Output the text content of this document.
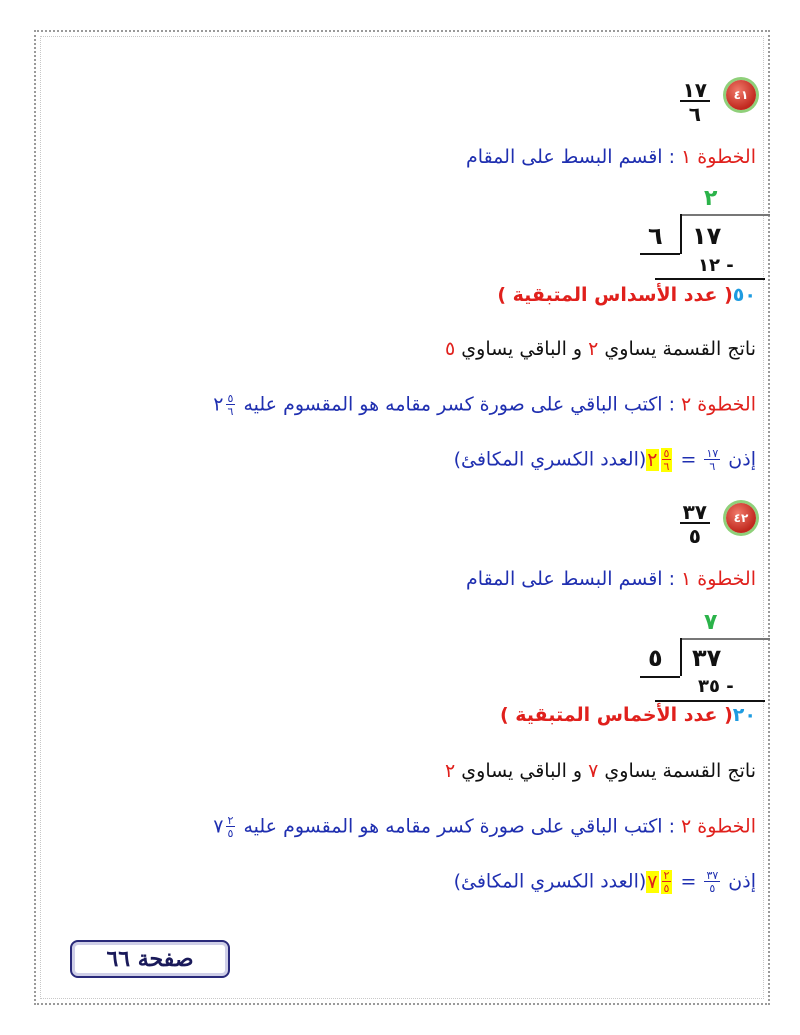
٤١
١٧
٦
الخطوة ١ : اقسم البسط على المقام
٢
١٧
٦
١٢ -
٥٠( عدد الأسداس المتبقية )
ناتج القسمة يساوي ٢ و الباقي يساوي ٥
الخطوة ٢ : اكتب الباقي على صورة كسر مقامه هو المقسوم عليه
$\frac{٥}{٦}$
٢
إذن
$\frac{١٧}{٦}$
=
$\frac{٥}{٦}$
٢(العدد الكسري المكافئ)
٤٢
٣٧
٥
الخطوة ١ : اقسم البسط على المقام
٧
٣٧
٥
٣٥ -
٢٠( عدد الأخماس المتبقية )
ناتج القسمة يساوي ٧ و الباقي يساوي ٢
الخطوة ٢ : اكتب الباقي على صورة كسر مقامه هو المقسوم عليه
$\frac{٢}{٥}$
٧
إذن
$\frac{٣٧}{٥}$
=
$\frac{٢}{٥}$
٧(العدد الكسري المكافئ)
صفحة ٦٦
